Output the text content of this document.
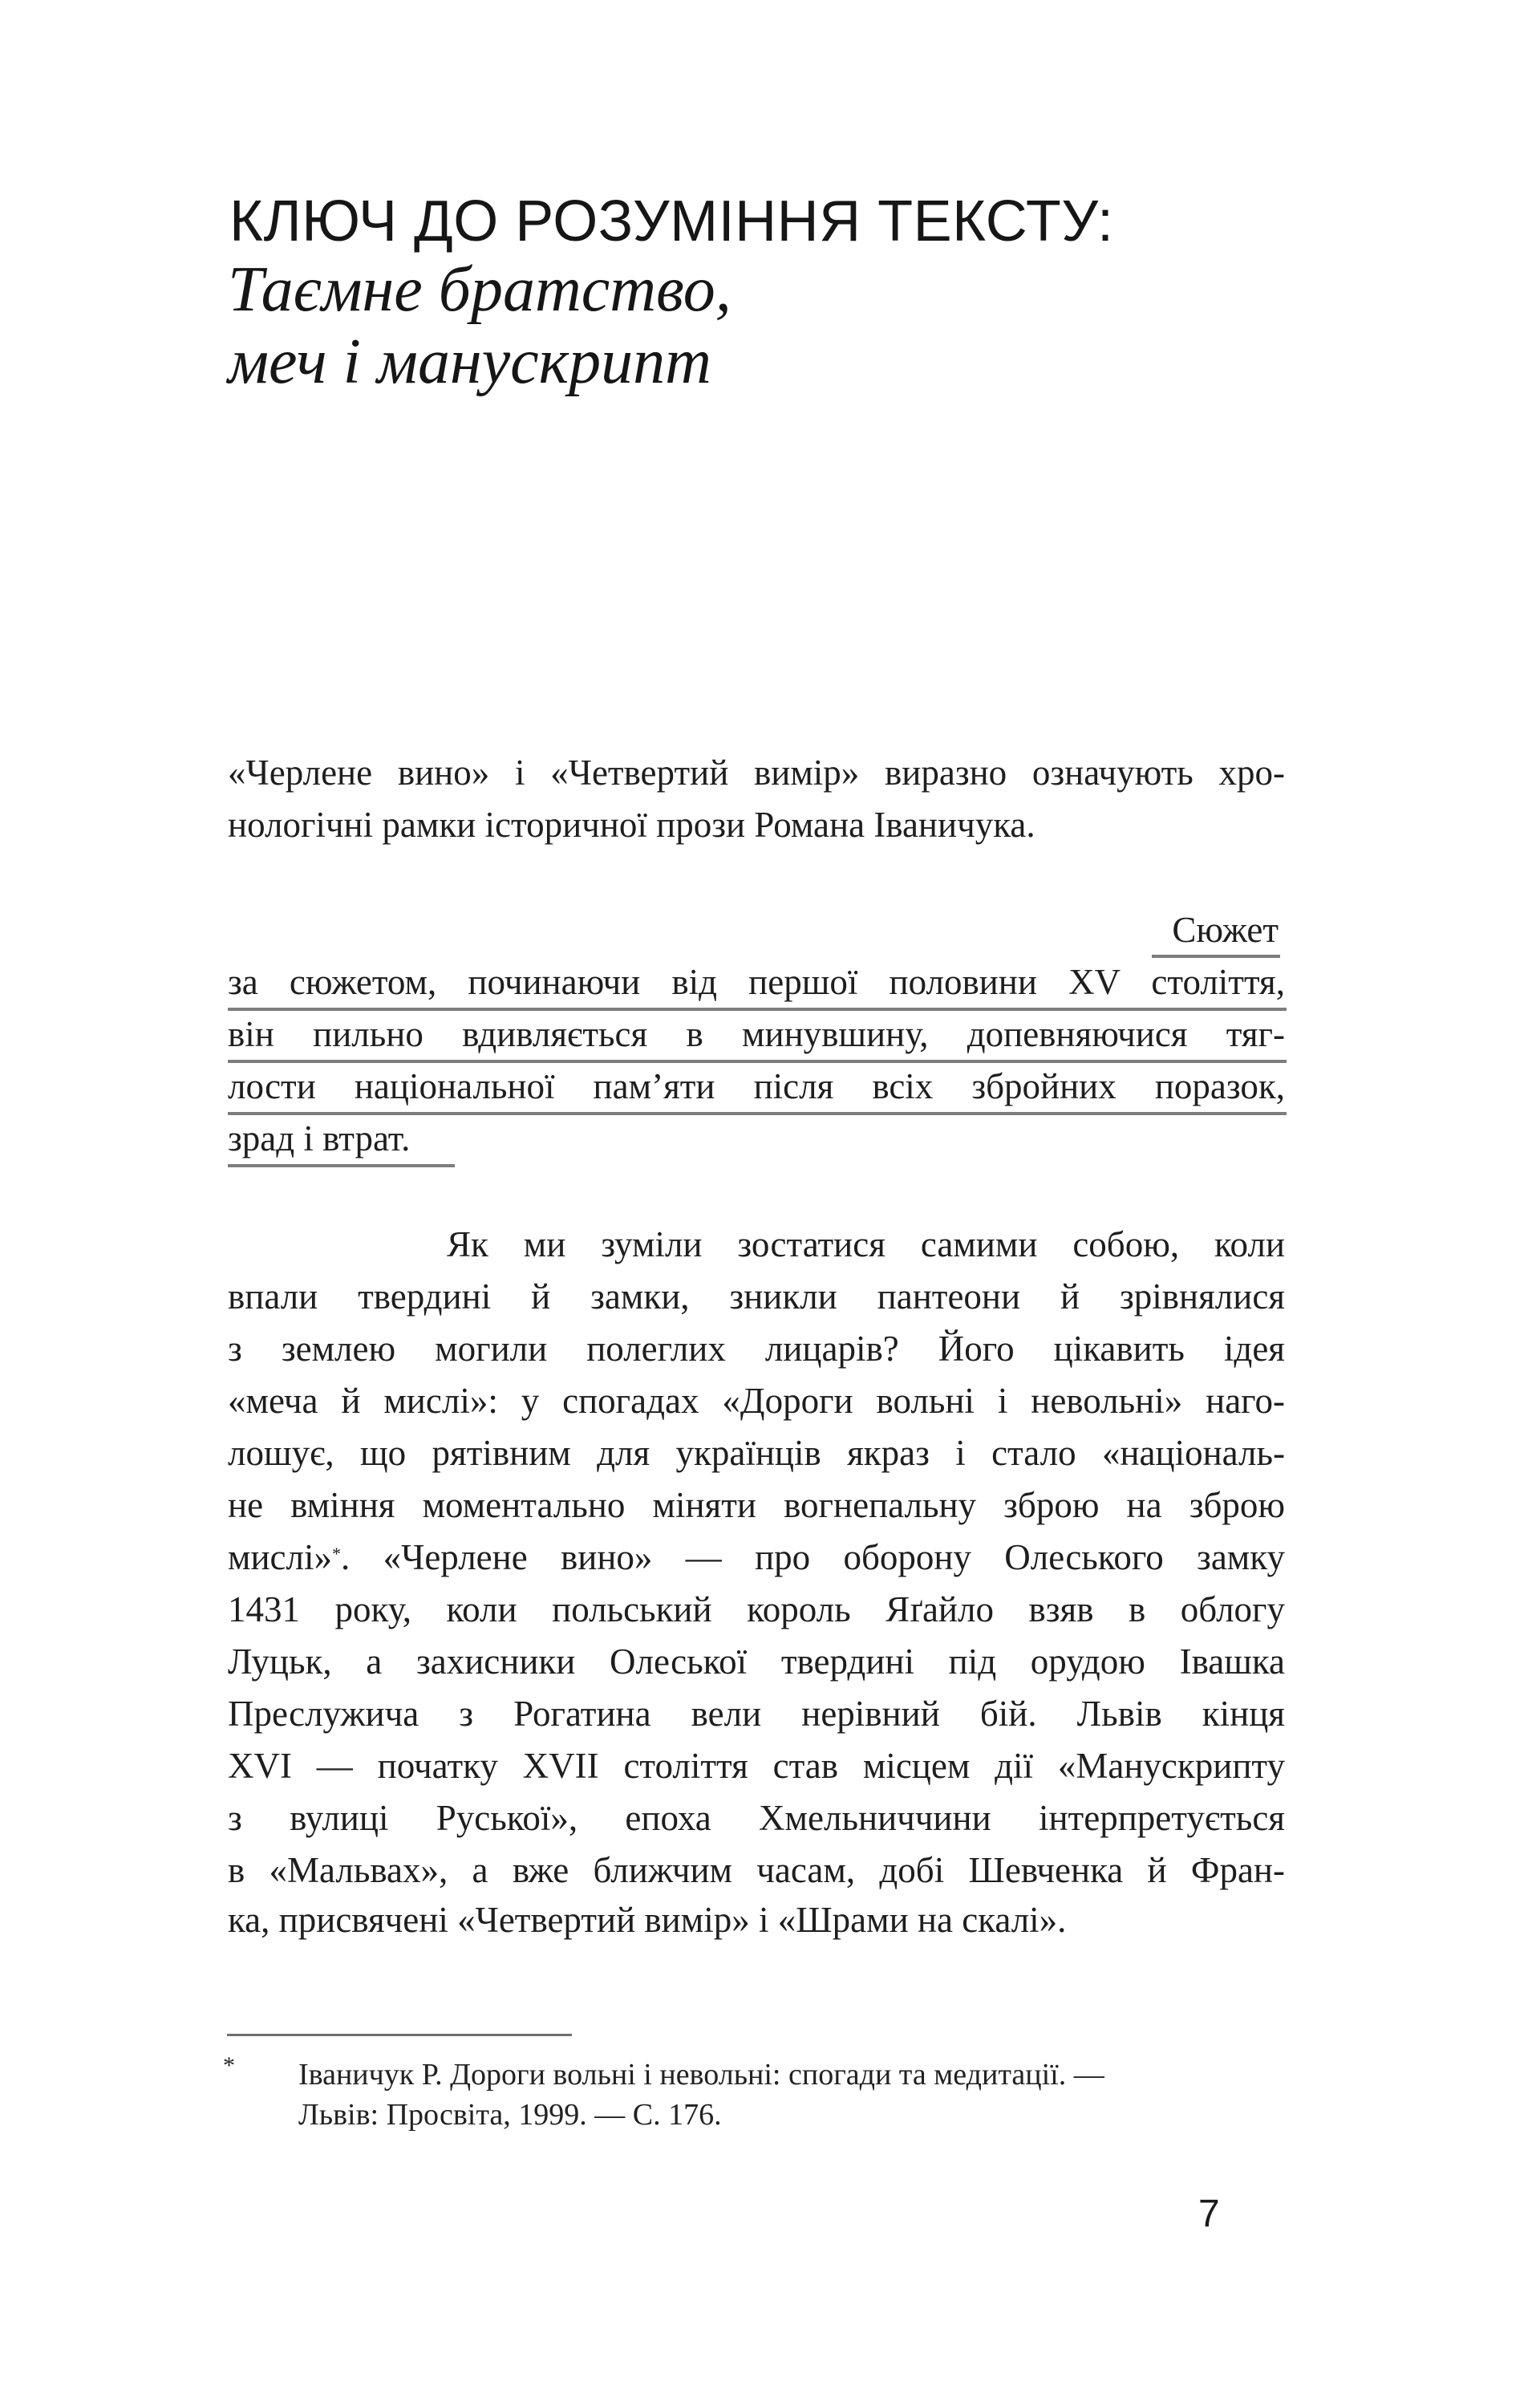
КЛЮЧ ДО РОЗУМІННЯ ТЕКСТУ:
Таємне братство,
меч і манускрипт
«Черлене вино» і «Четвертий вимір» виразно означують хро-
нологічні рамки історичної прози Романа Іваничука.
Сюжет
за сюжетом, починаючи від першої половини XV століття,
він пильно вдивляється в минувшину, допевняючися тяг-
лости національної пам’яти після всіх збройних поразок,
зрад і втрат.
Як ми зуміли зостатися самими собою, коли
впали твердині й замки, зникли пантеони й зрівнялися
з землею могили полеглих лицарів? Його цікавить ідея
«меча й мислі»: у спогадах «Дороги вольні і невольні» наго-
лошує, що рятівним для українців якраз і стало «національ-
не вміння моментально міняти вогнепальну зброю на зброю
мислі»*. «Черлене вино» — про оборону Олеського замку
1431 року, коли польський король Яґайло взяв в облогу
Луцьк, а захисники Олеської твердині під орудою Івашка
Преслужича з Рогатина вели нерівний бій. Львів кінця
XVI — початку XVII століття став місцем дії «Манускрипту
з вулиці Руської», епоха Хмельниччини інтерпретується
в «Мальвах», а вже ближчим часам, добі Шевченка й Фран-
ка, присвячені «Четвертий вимір» і «Шрами на скалі».
* Іваничук Р. Дороги вольні і невольні: спогади та медитації. —
Львів: Просвіта, 1999. — С. 176.
7
